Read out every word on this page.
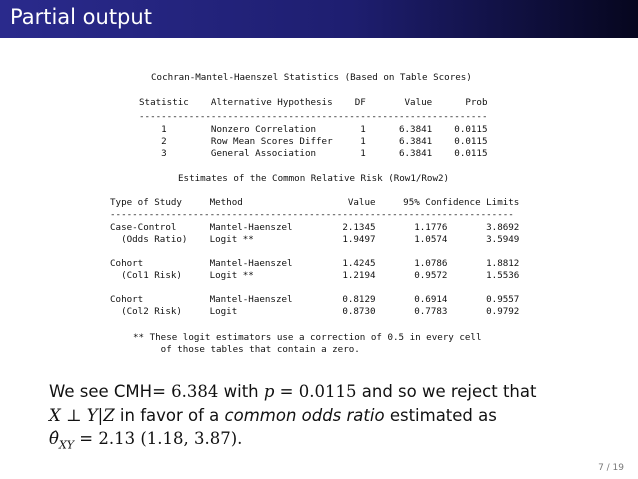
Partial output
Cochran-Mantel-Haenszel Statistics (Based on Table Scores)
Statistic    Alternative Hypothesis    DF       Value      Prob
---------------------------------------------------------------
1        Nonzero Correlation        1      6.3841    0.0115
2        Row Mean Scores Differ     1      6.3841    0.0115
3        General Association        1      6.3841    0.0115
Estimates of the Common Relative Risk (Row1/Row2)
Type of Study     Method                   Value     95% Confidence Limits
-------------------------------------------------------------------------
Case-Control      Mantel-Haenszel         2.1345       1.1776       3.8692
(Odds Ratio)    Logit **                1.9497       1.0574       3.5949
Cohort            Mantel-Haenszel         1.4245       1.0786       1.8812
(Col1 Risk)     Logit **                1.2194       0.9572       1.5536
Cohort            Mantel-Haenszel         0.8129       0.6914       0.9557
(Col2 Risk)     Logit                   0.8730       0.7783       0.9792
** These logit estimators use a correction of 0.5 in every cell
of those tables that contain a zero.
We see CMH= 6.384 with p = 0.0115 and so we reject that
X ⊥ Y|Z in favor of a common odds ratio estimated as
$\thetâ_{XY} = 2.13$ (1.18, 3.87).
7 / 19
